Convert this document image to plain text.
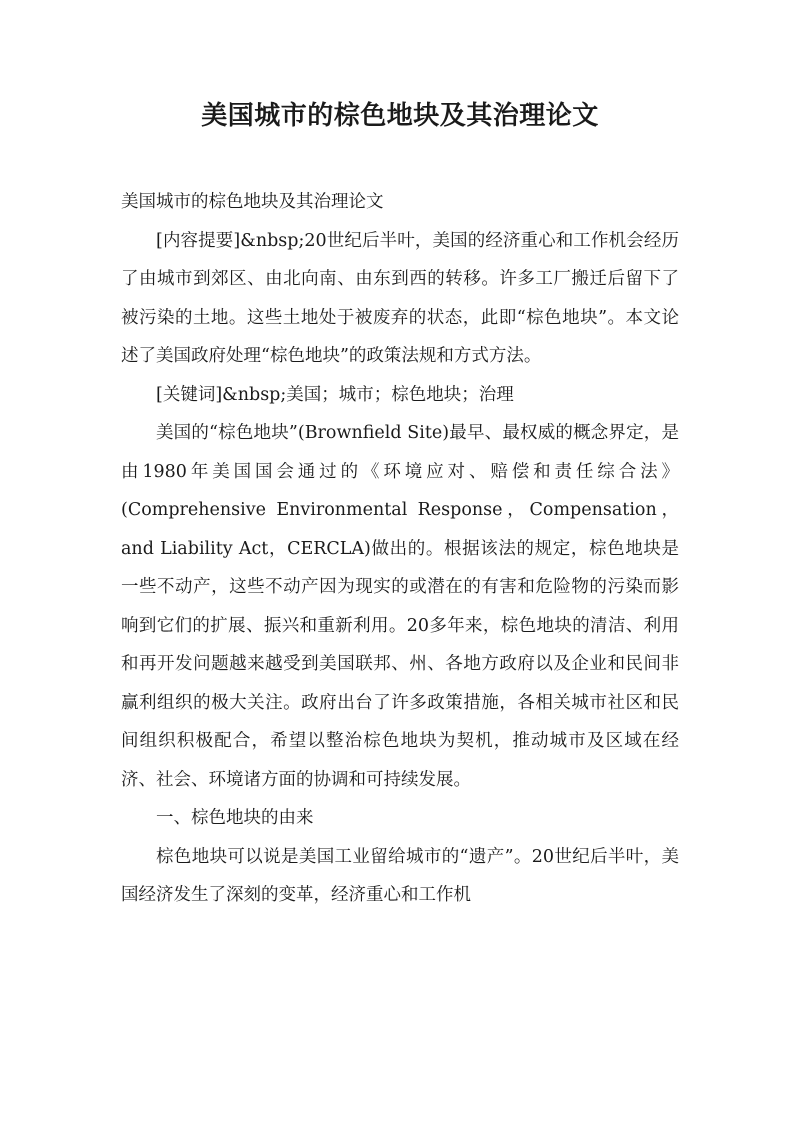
美国城市的棕色地块及其治理论文

美国城市的棕色地块及其治理论文

[内容提要]&nbsp;20世纪后半叶，美国的经济重心和工作机会经历了由城市到郊区、由北向南、由东到西的转移。许多工厂搬迁后留下了被污染的土地。这些土地处于被废弃的状态，此即“棕色地块”。本文论述了美国政府处理“棕色地块”的政策法规和方式方法。

[关键词]&nbsp;美国；城市；棕色地块；治理

美国的“棕色地块”(Brownfield Site)最早、最权威的概念界定，是由1980年美国国会通过的《环境应对、赔偿和责任综合法》(Comprehensive Environmental Response，Compensation，and Liability Act，CERCLA)做出的。根据该法的规定，棕色地块是一些不动产，这些不动产因为现实的或潜在的有害和危险物的污染而影响到它们的扩展、振兴和重新利用。20多年来，棕色地块的清洁、利用和再开发问题越来越受到美国联邦、州、各地方政府以及企业和民间非赢利组织的极大关注。政府出台了许多政策措施，各相关城市社区和民间组织积极配合，希望以整治棕色地块为契机，推动城市及区域在经济、社会、环境诸方面的协调和可持续发展。

一、棕色地块的由来

棕色地块可以说是美国工业留给城市的“遗产”。20世纪后半叶，美国经济发生了深刻的变革，经济重心和工作机
